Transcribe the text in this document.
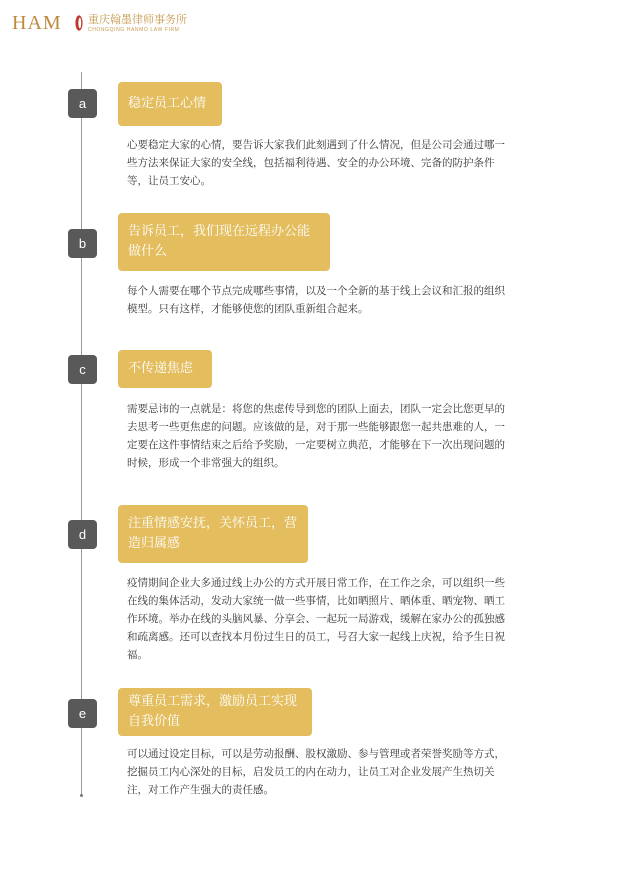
HAM 重庆翰墨律师事务所
CHONGQING HANMO LAW FIRM
a	稳定员工心情
心要稳定大家的心情，要告诉大家我们此刻遇到了什么情况，但是公司会通过哪一些方法来保证大家的安全线，包括福利待遇、安全的办公环境、完备的防护条件等，让员工安心。
b
告诉员工，我们现在远程办公能做什么
每个人需要在哪个节点完成哪些事情，以及一个全新的基于线上会议和汇报的组织模型。只有这样，才能够使您的团队重新组合起来。
c	不传递焦虑
需要忌讳的一点就是：将您的焦虑传导到您的团队上面去，团队一定会比您更早的去思考一些更焦虑的问题。应该做的是，对于那一些能够跟您一起共患难的人，一定要在这件事情结束之后给予奖励，一定要树立典范，才能够在下一次出现问题的时候，形成一个非常强大的组织。
d
注重情感安抚，关怀员工，营造归属感
疫情期间企业大多通过线上办公的方式开展日常工作，在工作之余，可以组织一些在线的集体活动，发动大家统一做一些事情，比如晒照片、晒体重、晒宠物、晒工作环境。举办在线的头脑风暴、分享会、一起玩一局游戏，缓解在家办公的孤独感和疏离感。还可以查找本月份过生日的员工，号召大家一起线上庆祝，给予生日祝福。
e
尊重员工需求，激励员工实现自我价值
可以通过设定目标，可以是劳动报酬、股权激励、参与管理或者荣誉奖励等方式，挖掘员工内心深处的目标，启发员工的内在动力，让员工对企业发展产生热切关注，对工作产生强大的责任感。
